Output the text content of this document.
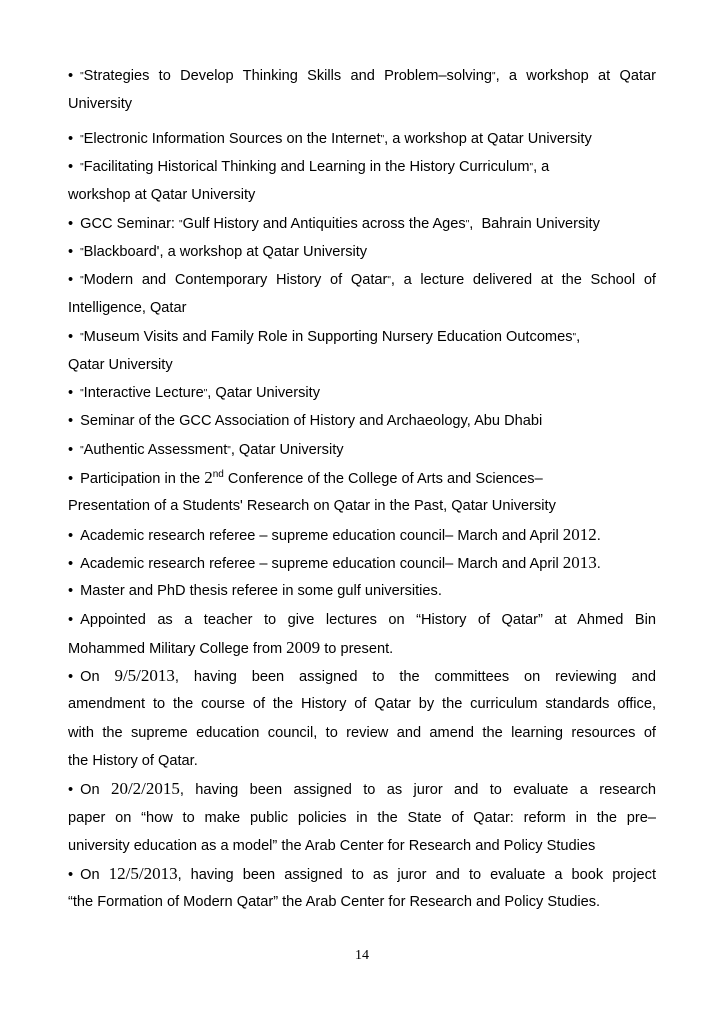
• "Strategies to Develop Thinking Skills and Problem–solving", a workshop at Qatar
University
• "Electronic Information Sources on the Internet", a workshop at Qatar University
• "Facilitating Historical Thinking and Learning in the History Curriculum", a
workshop at Qatar University
• GCC Seminar: "Gulf History and Antiquities across the Ages",  Bahrain University
• "Blackboard', a workshop at Qatar University
• "Modern and Contemporary History of Qatar", a lecture delivered at the School of
Intelligence, Qatar
• "Museum Visits and Family Role in Supporting Nursery Education Outcomes",
Qatar University
• "Interactive Lecture", Qatar University
• Seminar of the GCC Association of History and Archaeology, Abu Dhabi
• "Authentic Assessment", Qatar University
• Participation in the 2nd Conference of the College of Arts and Sciences–
Presentation of a Students' Research on Qatar in the Past, Qatar University
• Academic research referee – supreme education council– March and April 2012.
• Academic research referee – supreme education council– March and April 2013.
• Master and PhD thesis referee in some gulf universities.
• Appointed as a teacher to give lectures on “History of Qatar” at Ahmed Bin
Mohammed Military College from 2009 to present.
• On 9/5/2013, having been assigned to the committees on reviewing and
amendment to the course of the History of Qatar by the curriculum standards office,
with the supreme education council, to review and amend the learning resources of
the History of Qatar.
• On 20/2/2015, having been assigned to as juror and to evaluate a research
paper on “how to make public policies in the State of Qatar: reform in the pre–
university education as a model” the Arab Center for Research and Policy Studies
• On 12/5/2013, having been assigned to as juror and to evaluate a book project
“the Formation of Modern Qatar” the Arab Center for Research and Policy Studies.
14
